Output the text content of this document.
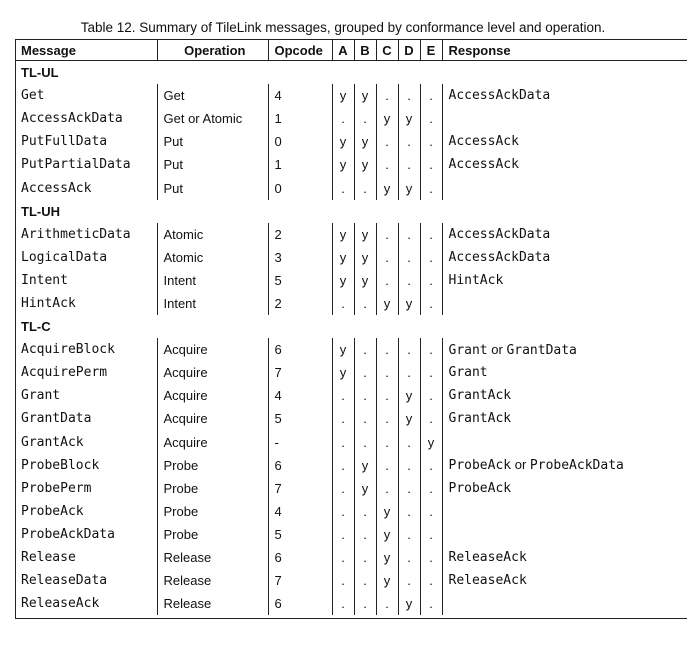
Table 12. Summary of TileLink messages, grouped by conformance level and operation.
Message	Operation	Opcode	A	B	C	D	E	Response
TL-UL								
Get	Get	4	y	y	.	.	.	AccessAckData
AccessAckData	Get or Atomic	1	.	.	y	y	.	
PutFullData	Put	0	y	y	.	.	.	AccessAck
PutPartialData	Put	1	y	y	.	.	.	AccessAck
AccessAck	Put	0	.	.	y	y	.	
TL-UH								
ArithmeticData	Atomic	2	y	y	.	.	.	AccessAckData
LogicalData	Atomic	3	y	y	.	.	.	AccessAckData
Intent	Intent	5	y	y	.	.	.	HintAck
HintAck	Intent	2	.	.	y	y	.	
TL-C								
AcquireBlock	Acquire	6	y	.	.	.	.	Grant or GrantData
AcquirePerm	Acquire	7	y	.	.	.	.	Grant
Grant	Acquire	4	.	.	.	y	.	GrantAck
GrantData	Acquire	5	.	.	.	y	.	GrantAck
GrantAck	Acquire	-	.	.	.	.	y	
ProbeBlock	Probe	6	.	y	.	.	.	ProbeAck or ProbeAckData
ProbePerm	Probe	7	.	y	.	.	.	ProbeAck
ProbeAck	Probe	4	.	.	y	.	.	
ProbeAckData	Probe	5	.	.	y	.	.	
Release	Release	6	.	.	y	.	.	ReleaseAck
ReleaseData	Release	7	.	.	y	.	.	ReleaseAck
ReleaseAck	Release	6	.	.	.	y	.	
